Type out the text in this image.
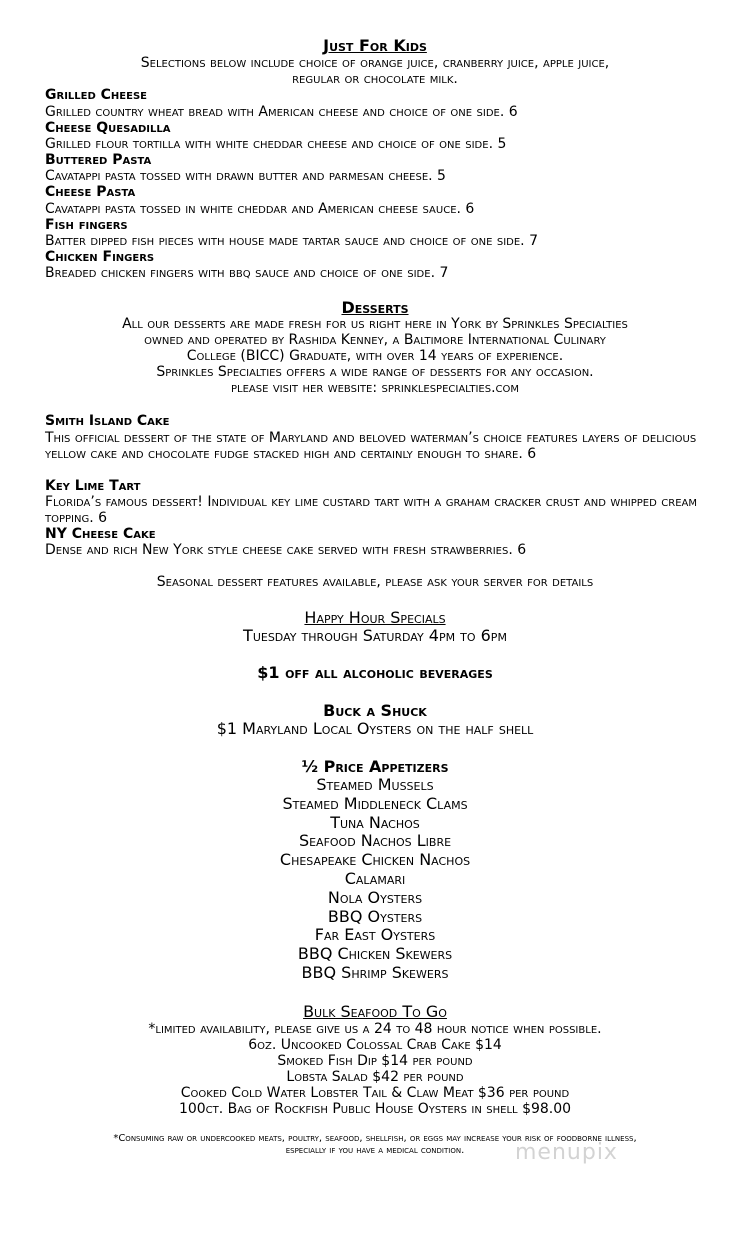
Just For Kids
Selections below include choice of orange juice, cranberry juice, apple juice,
regular or chocolate milk.
Grilled Cheese
Grilled country wheat bread with American cheese and choice of one side. 6
Cheese Quesadilla
Grilled flour tortilla with white cheddar cheese and choice of one side. 5
Buttered Pasta
Cavatappi pasta tossed with drawn butter and parmesan cheese. 5
Cheese Pasta
Cavatappi pasta tossed in white cheddar and American cheese sauce. 6
Fish fingers
Batter dipped fish pieces with house made tartar sauce and choice of one side. 7
Chicken Fingers
Breaded chicken fingers with bbq sauce and choice of one side. 7
Desserts
All our desserts are made fresh for us right here in York by Sprinkles Specialties
owned and operated by Rashida Kenney, a Baltimore International Culinary
College (BICC) Graduate, with over 14 years of experience.
Sprinkles Specialties offers a wide range of desserts for any occasion.
please visit her website: sprinklespecialties.com
Smith Island Cake
This official dessert of the state of Maryland and beloved waterman’s choice features layers of delicious yellow cake and chocolate fudge stacked high and certainly enough to share. 6
Key Lime Tart
Florida’s famous dessert! Individual key lime custard tart with a graham cracker crust and whipped cream topping. 6
NY Cheese Cake
Dense and rich New York style cheese cake served with fresh strawberries. 6
Seasonal dessert features available, please ask your server for details
Happy Hour Specials
Tuesday through Saturday 4pm to 6pm
$1 off all alcoholic beverages
Buck a Shuck
$1 Maryland Local Oysters on the half shell
½ Price Appetizers
Steamed Mussels
Steamed Middleneck Clams
Tuna Nachos
Seafood Nachos Libre
Chesapeake Chicken Nachos
Calamari
Nola Oysters
BBQ Oysters
Far East Oysters
BBQ Chicken Skewers
BBQ Shrimp Skewers
Bulk Seafood To Go
*limited availability, please give us a 24 to 48 hour notice when possible.
6oz. Uncooked Colossal Crab Cake $14
Smoked Fish Dip $14 per pound
Lobsta Salad $42 per pound
Cooked Cold Water Lobster Tail & Claw Meat $36 per pound
100ct. Bag of Rockfish Public House Oysters in shell $98.00
*Consuming raw or undercooked meats, poultry, seafood, shellfish, or eggs may increase your risk of foodborne illness,
especially if you have a medical condition.	menupix
